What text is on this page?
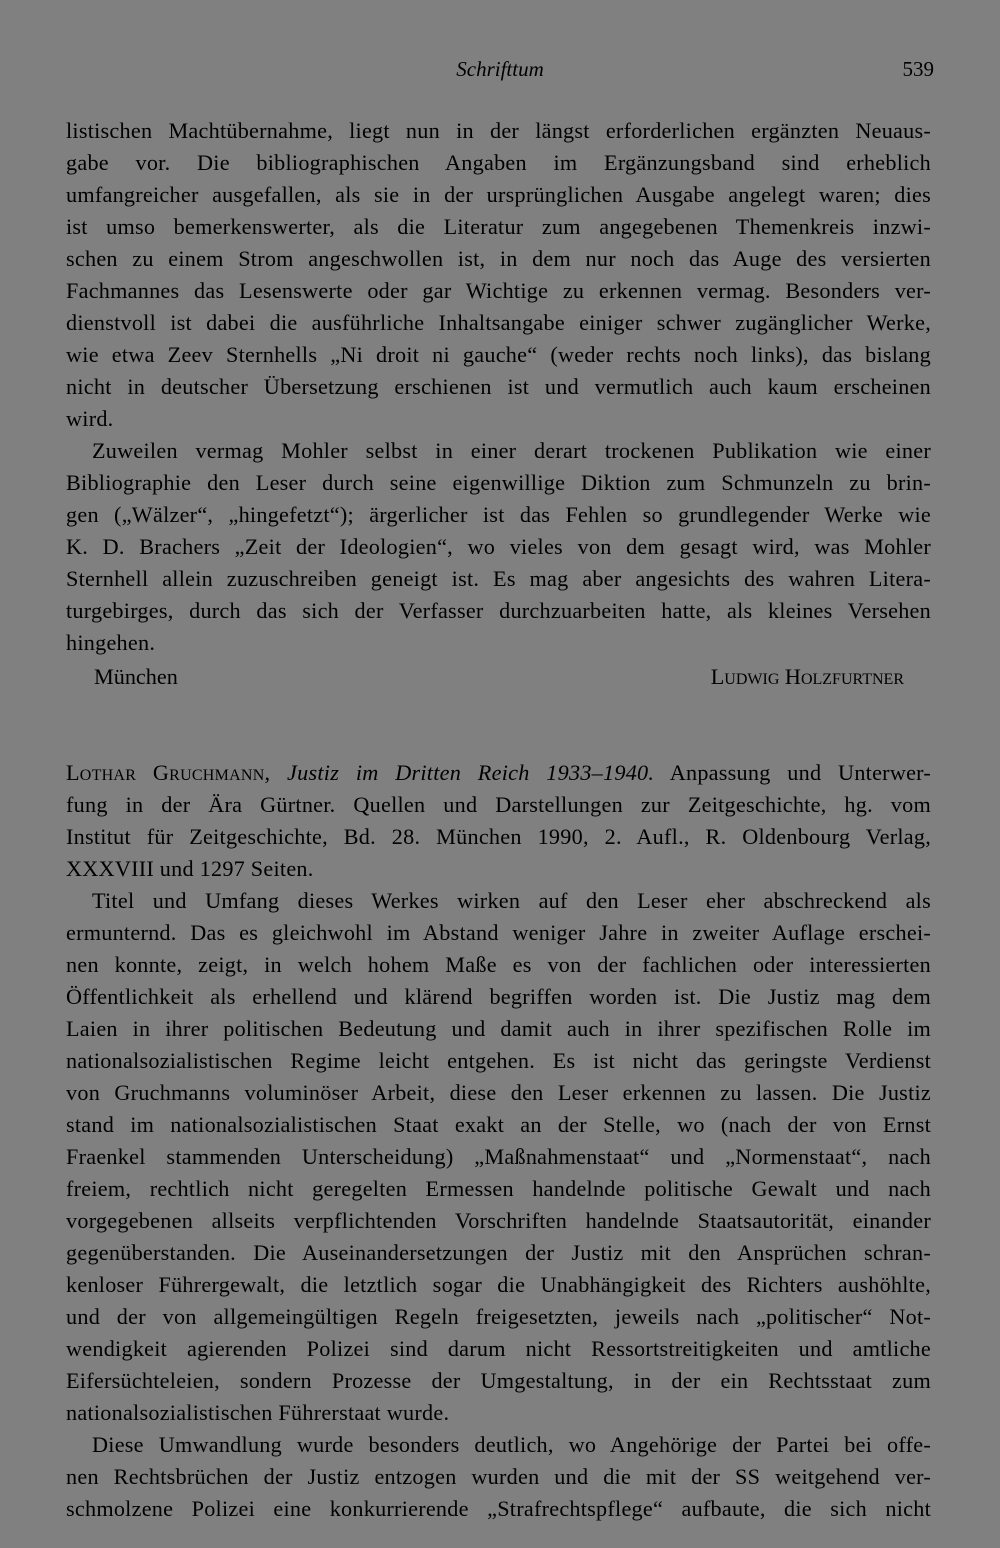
Schrifttum	539
listischen Machtübernahme, liegt nun in der längst erforderlichen ergänzten Neuaus-
gabe vor. Die bibliographischen Angaben im Ergänzungsband sind erheblich
umfangreicher ausgefallen, als sie in der ursprünglichen Ausgabe angelegt waren; dies
ist umso bemerkenswerter, als die Literatur zum angegebenen Themenkreis inzwi-
schen zu einem Strom angeschwollen ist, in dem nur noch das Auge des versierten
Fachmannes das Lesenswerte oder gar Wichtige zu erkennen vermag. Besonders ver-
dienstvoll ist dabei die ausführliche Inhaltsangabe einiger schwer zugänglicher Werke,
wie etwa Zeev Sternhells „Ni droit ni gauche“ (weder rechts noch links), das bislang
nicht in deutscher Übersetzung erschienen ist und vermutlich auch kaum erscheinen
wird.
Zuweilen vermag Mohler selbst in einer derart trockenen Publikation wie einer
Bibliographie den Leser durch seine eigenwillige Diktion zum Schmunzeln zu brin-
gen („Wälzer“, „hingefetzt“); ärgerlicher ist das Fehlen so grundlegender Werke wie
K. D. Brachers „Zeit der Ideologien“, wo vieles von dem gesagt wird, was Mohler
Sternhell allein zuzuschreiben geneigt ist. Es mag aber angesichts des wahren Litera-
turgebirges, durch das sich der Verfasser durchzuarbeiten hatte, als kleines Versehen
hingehen.
München	Ludwig Holzfurtner
Lothar Gruchmann, Justiz im Dritten Reich 1933–1940. Anpassung und Unterwer-
fung in der Ära Gürtner. Quellen und Darstellungen zur Zeitgeschichte, hg. vom
Institut für Zeitgeschichte, Bd. 28. München 1990, 2. Aufl., R. Oldenbourg Verlag,
XXXVIII und 1297 Seiten.
Titel und Umfang dieses Werkes wirken auf den Leser eher abschreckend als
ermunternd. Das es gleichwohl im Abstand weniger Jahre in zweiter Auflage erschei-
nen konnte, zeigt, in welch hohem Maße es von der fachlichen oder interessierten
Öffentlichkeit als erhellend und klärend begriffen worden ist. Die Justiz mag dem
Laien in ihrer politischen Bedeutung und damit auch in ihrer spezifischen Rolle im
nationalsozialistischen Regime leicht entgehen. Es ist nicht das geringste Verdienst
von Gruchmanns voluminöser Arbeit, diese den Leser erkennen zu lassen. Die Justiz
stand im nationalsozialistischen Staat exakt an der Stelle, wo (nach der von Ernst
Fraenkel stammenden Unterscheidung) „Maßnahmenstaat“ und „Normenstaat“, nach
freiem, rechtlich nicht geregelten Ermessen handelnde politische Gewalt und nach
vorgegebenen allseits verpflichtenden Vorschriften handelnde Staatsautorität, einander
gegenüberstanden. Die Auseinandersetzungen der Justiz mit den Ansprüchen schran-
kenloser Führergewalt, die letztlich sogar die Unabhängigkeit des Richters aushöhlte,
und der von allgemeingültigen Regeln freigesetzten, jeweils nach „politischer“ Not-
wendigkeit agierenden Polizei sind darum nicht Ressortstreitigkeiten und amtliche
Eifersüchteleien, sondern Prozesse der Umgestaltung, in der ein Rechtsstaat zum
nationalsozialistischen Führerstaat wurde.
Diese Umwandlung wurde besonders deutlich, wo Angehörige der Partei bei offe-
nen Rechtsbrüchen der Justiz entzogen wurden und die mit der SS weitgehend ver-
schmolzene Polizei eine konkurrierende „Strafrechtspflege“ aufbaute, die sich nicht
